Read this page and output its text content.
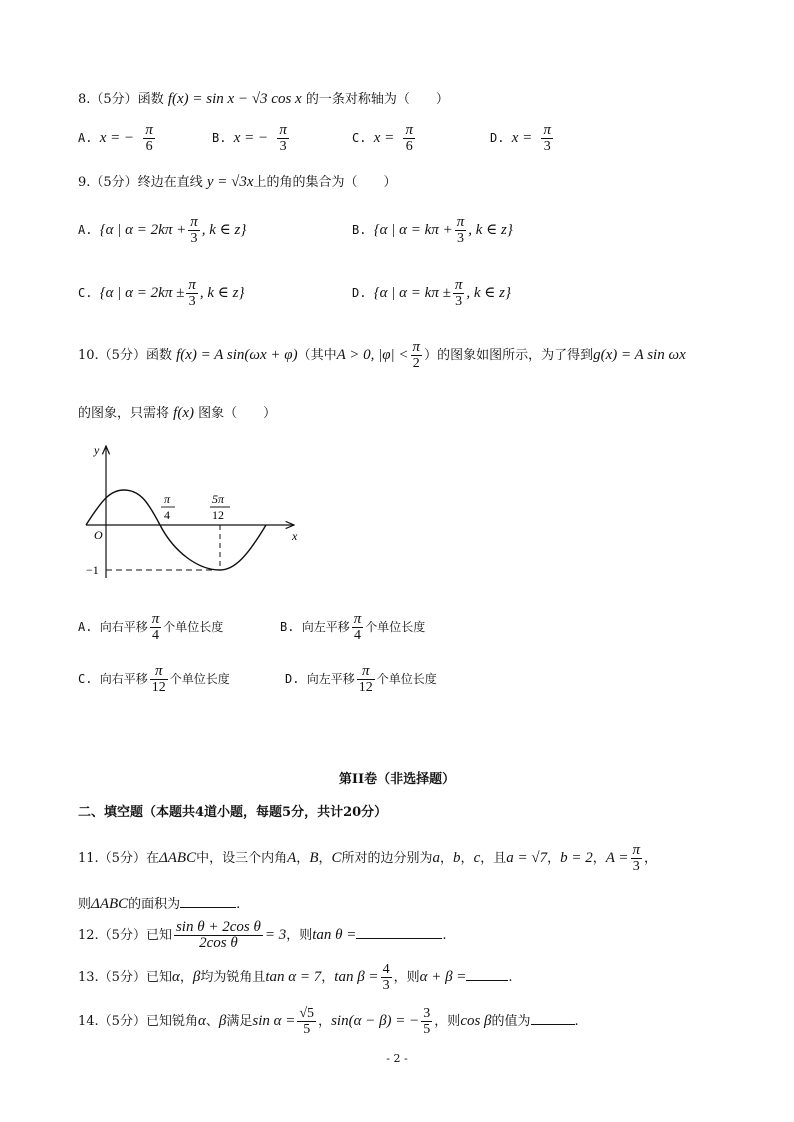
8.（5分）函数 f(x) = sin x − √3 cos x 的一条对称轴为（　　）
A. x = − $\frac{\pi}{6}$	B. x = − $\frac{\pi}{3}$	C. $x = \frac{\pi}{6}$	D. $x = \frac{\pi}{3}$
9.（5分）终边在直线 y = √3x上的角的集合为（　　）
A. {α | $\alpha = 2k\pi + \frac{\pi}{3}$ , k ∈ z}	B. {α | $\alpha = k\pi + \frac{\pi}{3}$ , k ∈ z}
C. {α | $\alpha = 2k\pi \pm \frac{\pi}{3}$ , k ∈ z}	D. {α | $\alpha = k\pi \pm \frac{\pi}{3}$ , k ∈ z}
10.（5分）函数 f(x) = A sin(ωx + φ)（其中A > 0, $|\varphi| < \frac{\pi}{2}$ ）的图象如图所示，为了得到g(x) = A sin ωx
的图象，只需将 f(x) 图象（　　）
y
x
O
−1
π
4
5π
12
A. 向右平移 $\frac{\pi}{4}$ 个单位长度	B. 向左平移 $\frac{\pi}{4}$ 个单位长度
C. 向右平移 $\frac{\pi}{12}$ 个单位长度	D. 向左平移 $\frac{\pi}{12}$ 个单位长度
第II卷（非选择题）
二、填空题（本题共4道小题，每题5分，共计20分）
11.（5分）在ΔABC中，设三个内角A，B，C所对的边分别为a，b，c，且a = √7，b = 2，$A = \frac{\pi}{3}$ ，
则ΔABC的面积为	.
12.（5分）已知 $\frac{\text{sin θ + 2cos θ}}{\text{2cos θ}} = 3$，则tan θ =	.
13.（5分）已知α，β均为锐角且tan α = 7，$\tan \beta = \frac{4}{3}$ ，则α + β =	.
14.（5分）已知锐角α、β满足$\sin \alpha = \frac{√5}{5}$ ，sin(α − β) = − $\frac{3}{5}$ ，则cos β的值为	.
- 2 -
